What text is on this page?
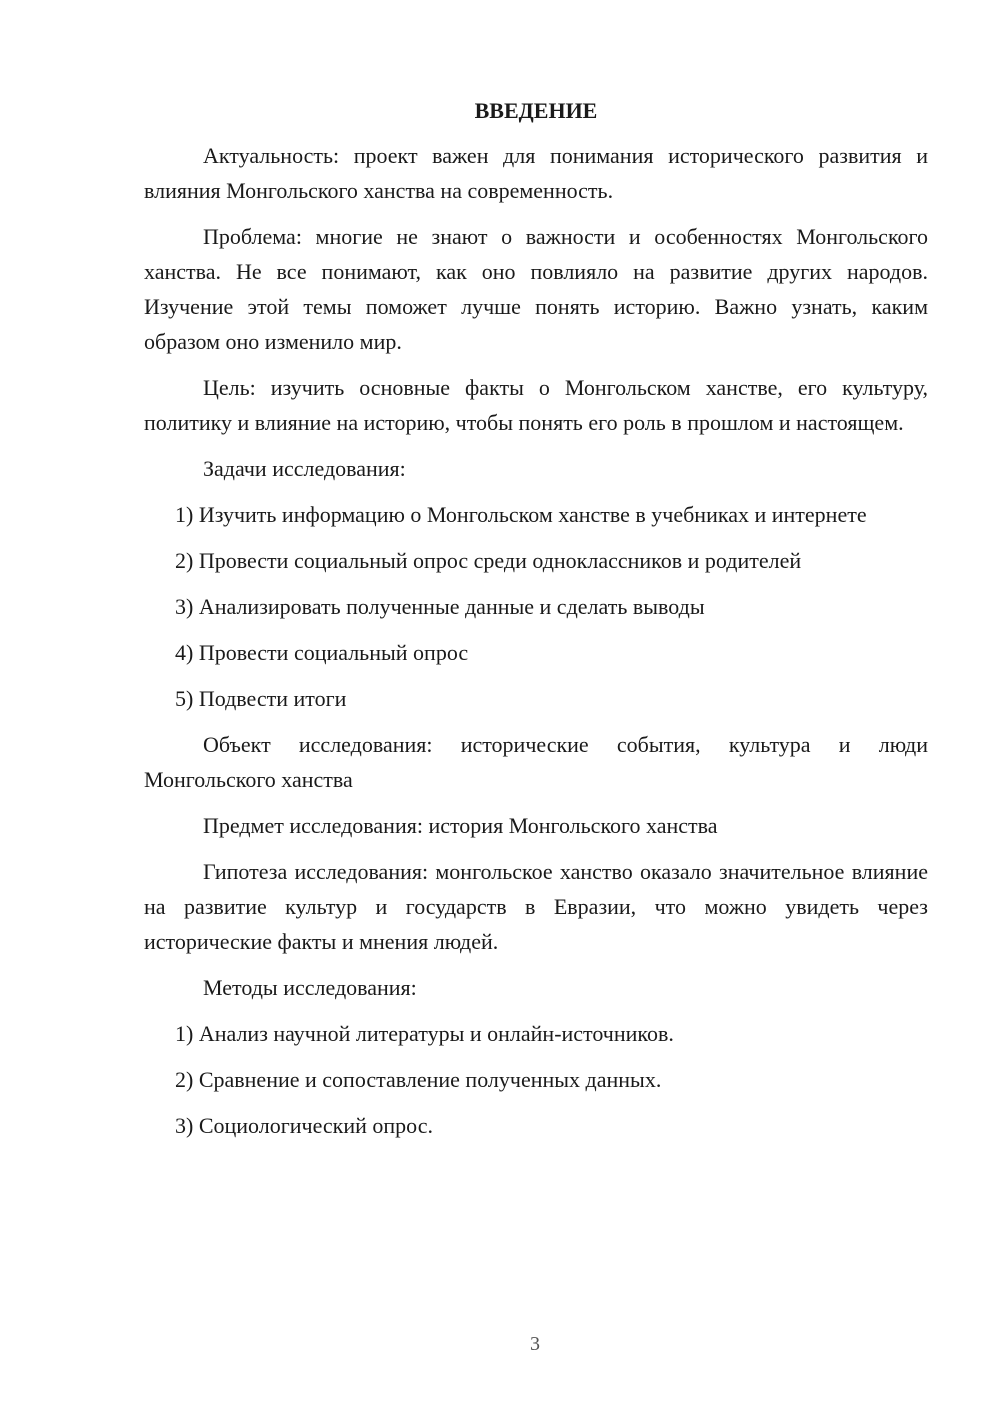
ВВЕДЕНИЕ

Актуальность: проект важен для понимания исторического развития и влияния Монгольского ханства на современность.

Проблема: многие не знают о важности и особенностях Монгольского ханства. Не все понимают, как оно повлияло на развитие других народов. Изучение этой темы поможет лучше понять историю. Важно узнать, каким образом оно изменило мир.

Цель: изучить основные факты о Монгольском ханстве, его культуру, политику и влияние на историю, чтобы понять его роль в прошлом и настоящем.

Задачи исследования:

1) Изучить информацию о Монгольском ханстве в учебниках и интернете

2) Провести социальный опрос среди одноклассников и родителей

3) Анализировать полученные данные и сделать выводы

4) Провести социальный опрос

5) Подвести итоги

Объект исследования: исторические события, культура и люди Монгольского ханства

Предмет исследования: история Монгольского ханства

Гипотеза исследования: монгольское ханство оказало значительное влияние на развитие культур и государств в Евразии, что можно увидеть через исторические факты и мнения людей.

Методы исследования:

1) Анализ научной литературы и онлайн-источников.

2) Сравнение и сопоставление полученных данных.

3) Социологический опрос.

3
